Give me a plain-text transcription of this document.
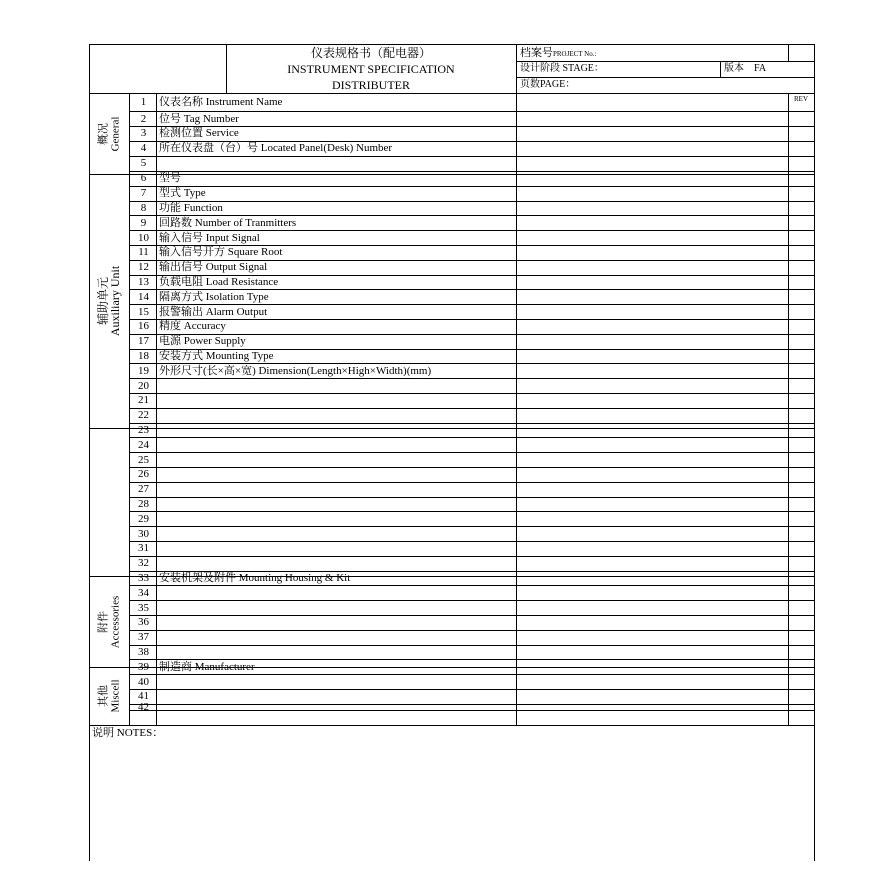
仪表规格书（配电器）
INSTRUMENT SPECIFICATION
DISTRIBUTER
档案号PROJECT No.:
设计阶段 STAGE：	版本 FA
页数PAGE：
REV
概况 General
辅助单元
Auxiliary Unit
附件 Accessories
其他 Miscell
1	仪表名称 Instrument Name
2	位号 Tag Number
3	检测位置 Service
4	所在仪表盘（台）号 Located Panel(Desk) Number
5
6	型号
7	型式 Type
8	功能 Function
9	回路数 Number of Tranmitters
10 输入信号 Input Signal
11 输入信号开方 Square Root
12 输出信号 Output Signal
13 负载电阻 Load Resistance
14 隔离方式 Isolation Type
15 报警输出 Alarm Output
16 精度 Accuracy
17 电源 Power Supply
18 安装方式 Mounting Type
19 外形尺寸(长×高×宽) Dimension(Length×High×Width)(mm)
20
21
22
23
24
25
26
27
28
29
30
31
32
33 安装机架及附件 Mounting Housing & Kit
34
35
36
37
38
39 制造商 Manufacturer
40
41
42
说明 NOTES：
